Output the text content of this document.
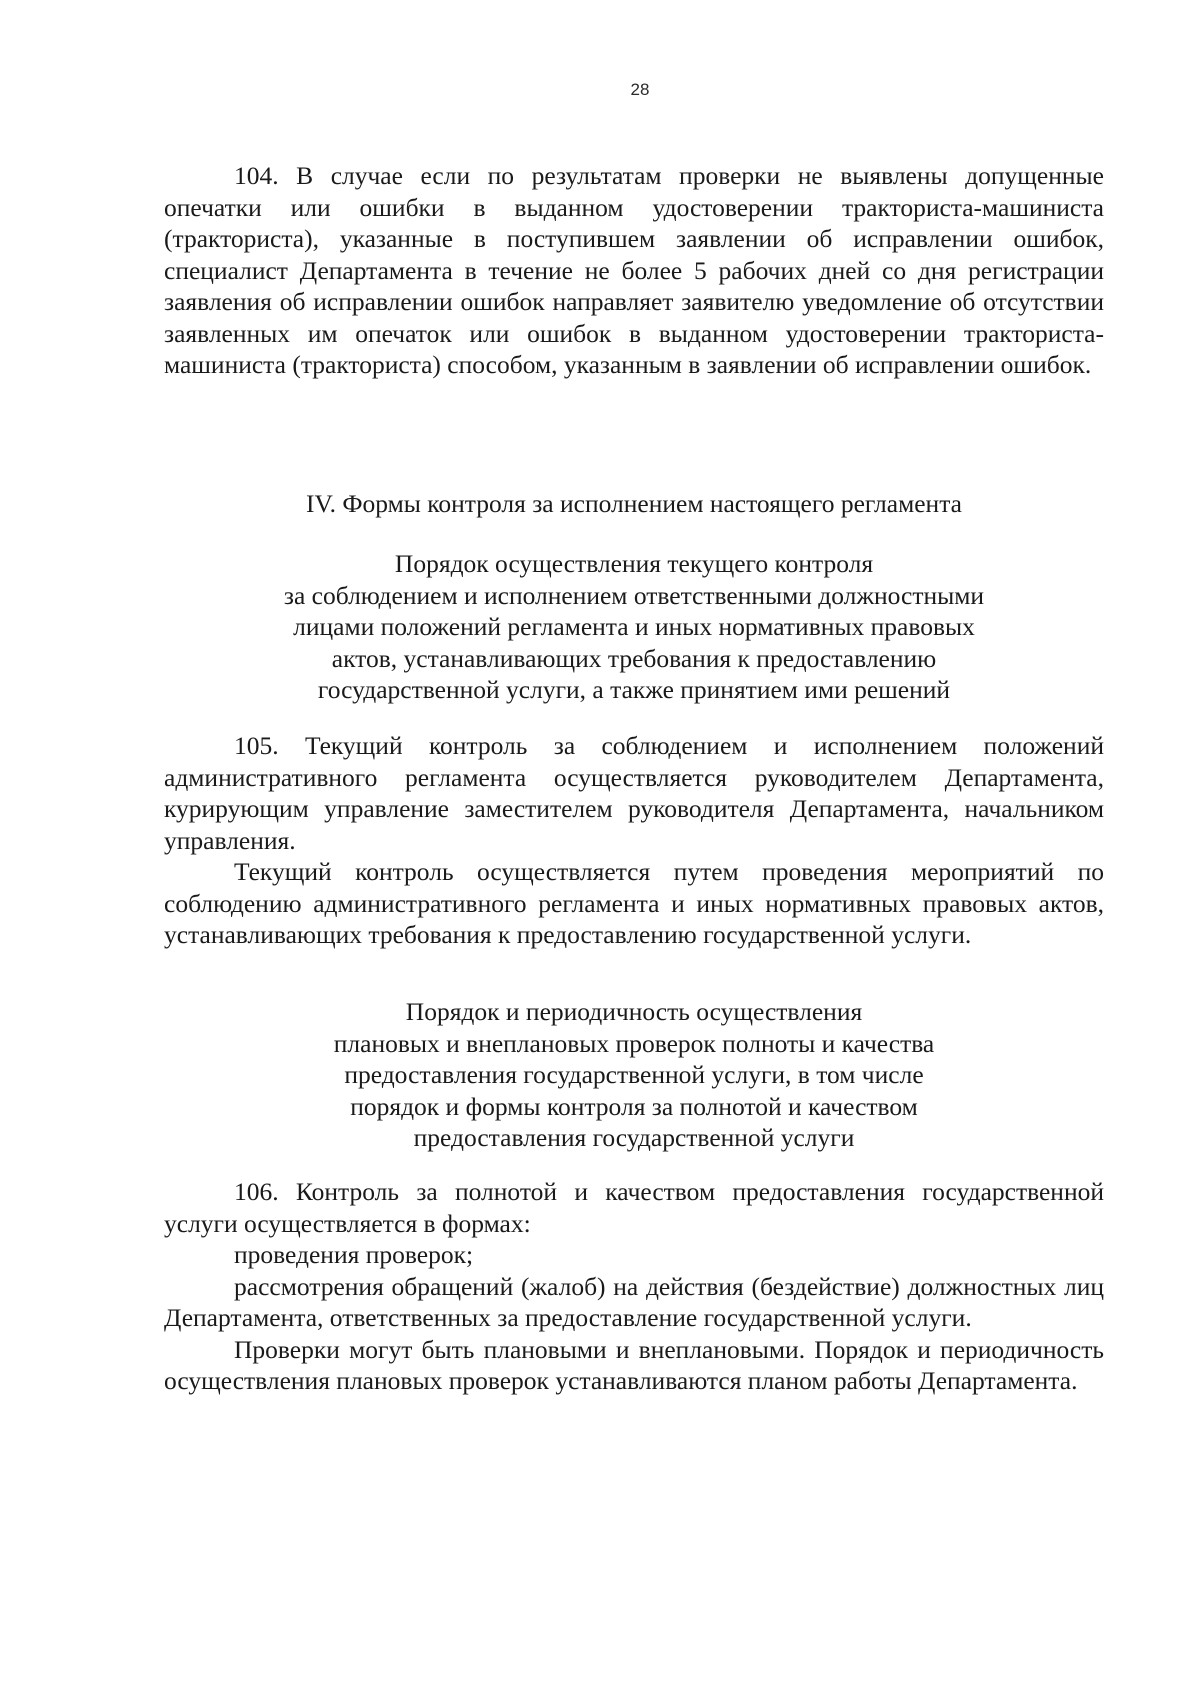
28

104. В случае если по результатам проверки не выявлены допущенные опечатки или ошибки в выданном удостоверении тракториста-машиниста (тракториста), указанные в поступившем заявлении об исправлении ошибок, специалист Департамента в течение не более 5 рабочих дней со дня регистрации заявления об исправлении ошибок направляет заявителю уведомление об отсутствии заявленных им опечаток или ошибок в выданном удостоверении тракториста-машиниста (тракториста) способом, указанным в заявлении об исправлении ошибок.

IV. Формы контроля за исполнением настоящего регламента

Порядок осуществления текущего контроля
за соблюдением и исполнением ответственными должностными
лицами положений регламента и иных нормативных правовых
актов, устанавливающих требования к предоставлению
государственной услуги, а также принятием ими решений

105. Текущий контроль за соблюдением и исполнением положений административного регламента осуществляется руководителем Департамента, курирующим управление заместителем руководителя Департамента, начальником управления.

Текущий контроль осуществляется путем проведения мероприятий по соблюдению административного регламента и иных нормативных правовых актов, устанавливающих требования к предоставлению государственной услуги.

Порядок и периодичность осуществления
плановых и внеплановых проверок полноты и качества
предоставления государственной услуги, в том числе
порядок и формы контроля за полнотой и качеством
предоставления государственной услуги

106. Контроль за полнотой и качеством предоставления государственной услуги осуществляется в формах:

проведения проверок;

рассмотрения обращений (жалоб) на действия (бездействие) должностных лиц Департамента, ответственных за предоставление государственной услуги.

Проверки могут быть плановыми и внеплановыми. Порядок и периодичность осуществления плановых проверок устанавливаются планом работы Департамента.
